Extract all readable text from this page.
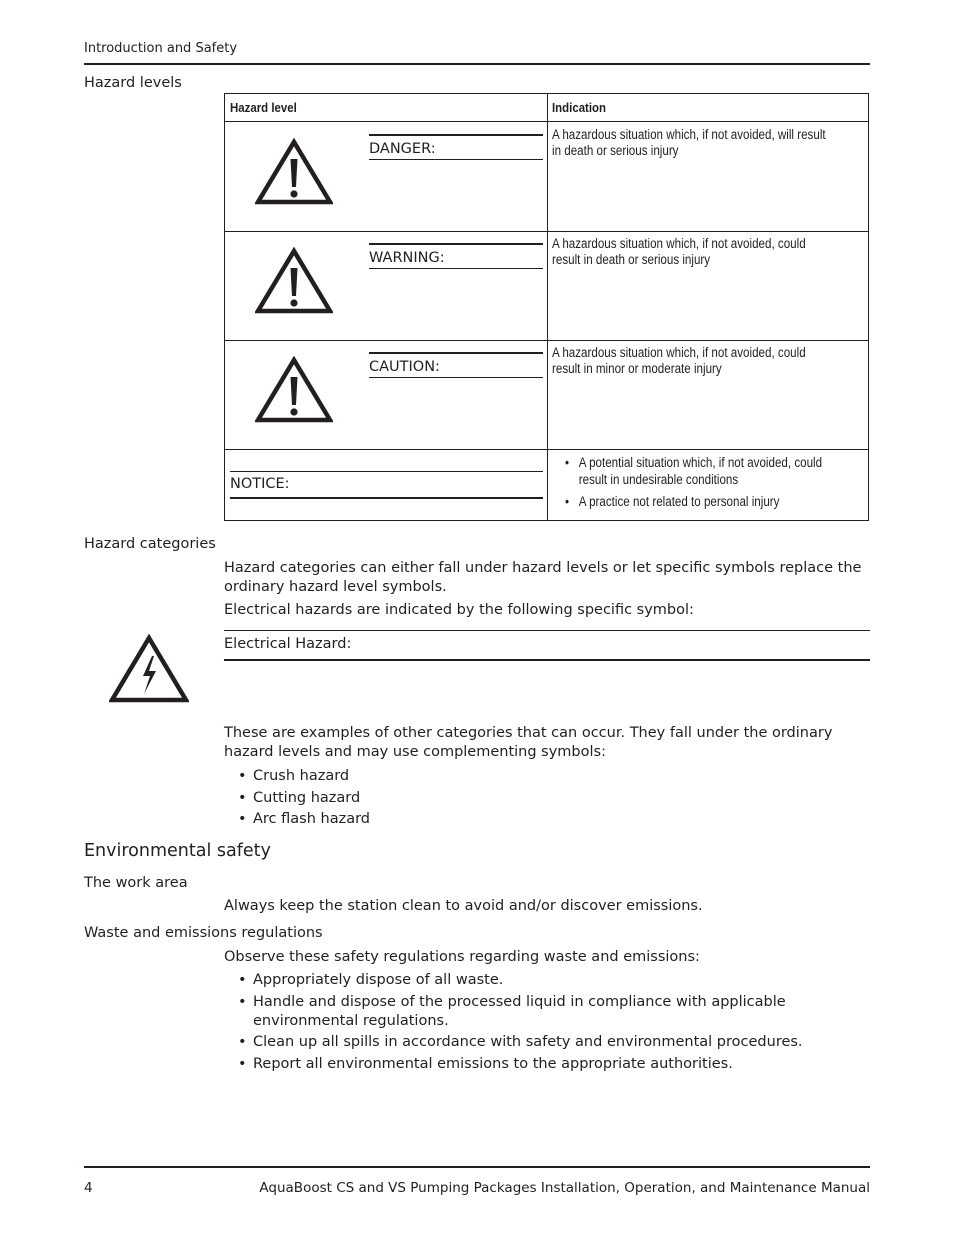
Introduction and Safety
Hazard levels
Hazard level	Indication
DANGER:
A hazardous situation which, if not avoided, will result in death or serious injury
WARNING:
A hazardous situation which, if not avoided, could result in death or serious injury
CAUTION:
A hazardous situation which, if not avoided, could result in minor or moderate injury
NOTICE:
• A potential situation which, if not avoided, could result in undesirable conditions
• A practice not related to personal injury
Hazard categories
Hazard categories can either fall under hazard levels or let specific symbols replace the ordinary hazard level symbols.
Electrical hazards are indicated by the following specific symbol:
Electrical Hazard:
These are examples of other categories that can occur. They fall under the ordinary hazard levels and may use complementing symbols:
• Crush hazard
• Cutting hazard
• Arc flash hazard
Environmental safety
The work area
Always keep the station clean to avoid and/or discover emissions.
Waste and emissions regulations
Observe these safety regulations regarding waste and emissions:
• Appropriately dispose of all waste.
• Handle and dispose of the processed liquid in compliance with applicable environmental regulations.
• Clean up all spills in accordance with safety and environmental procedures.
• Report all environmental emissions to the appropriate authorities.
4	AquaBoost CS and VS Pumping Packages Installation, Operation, and Maintenance Manual
